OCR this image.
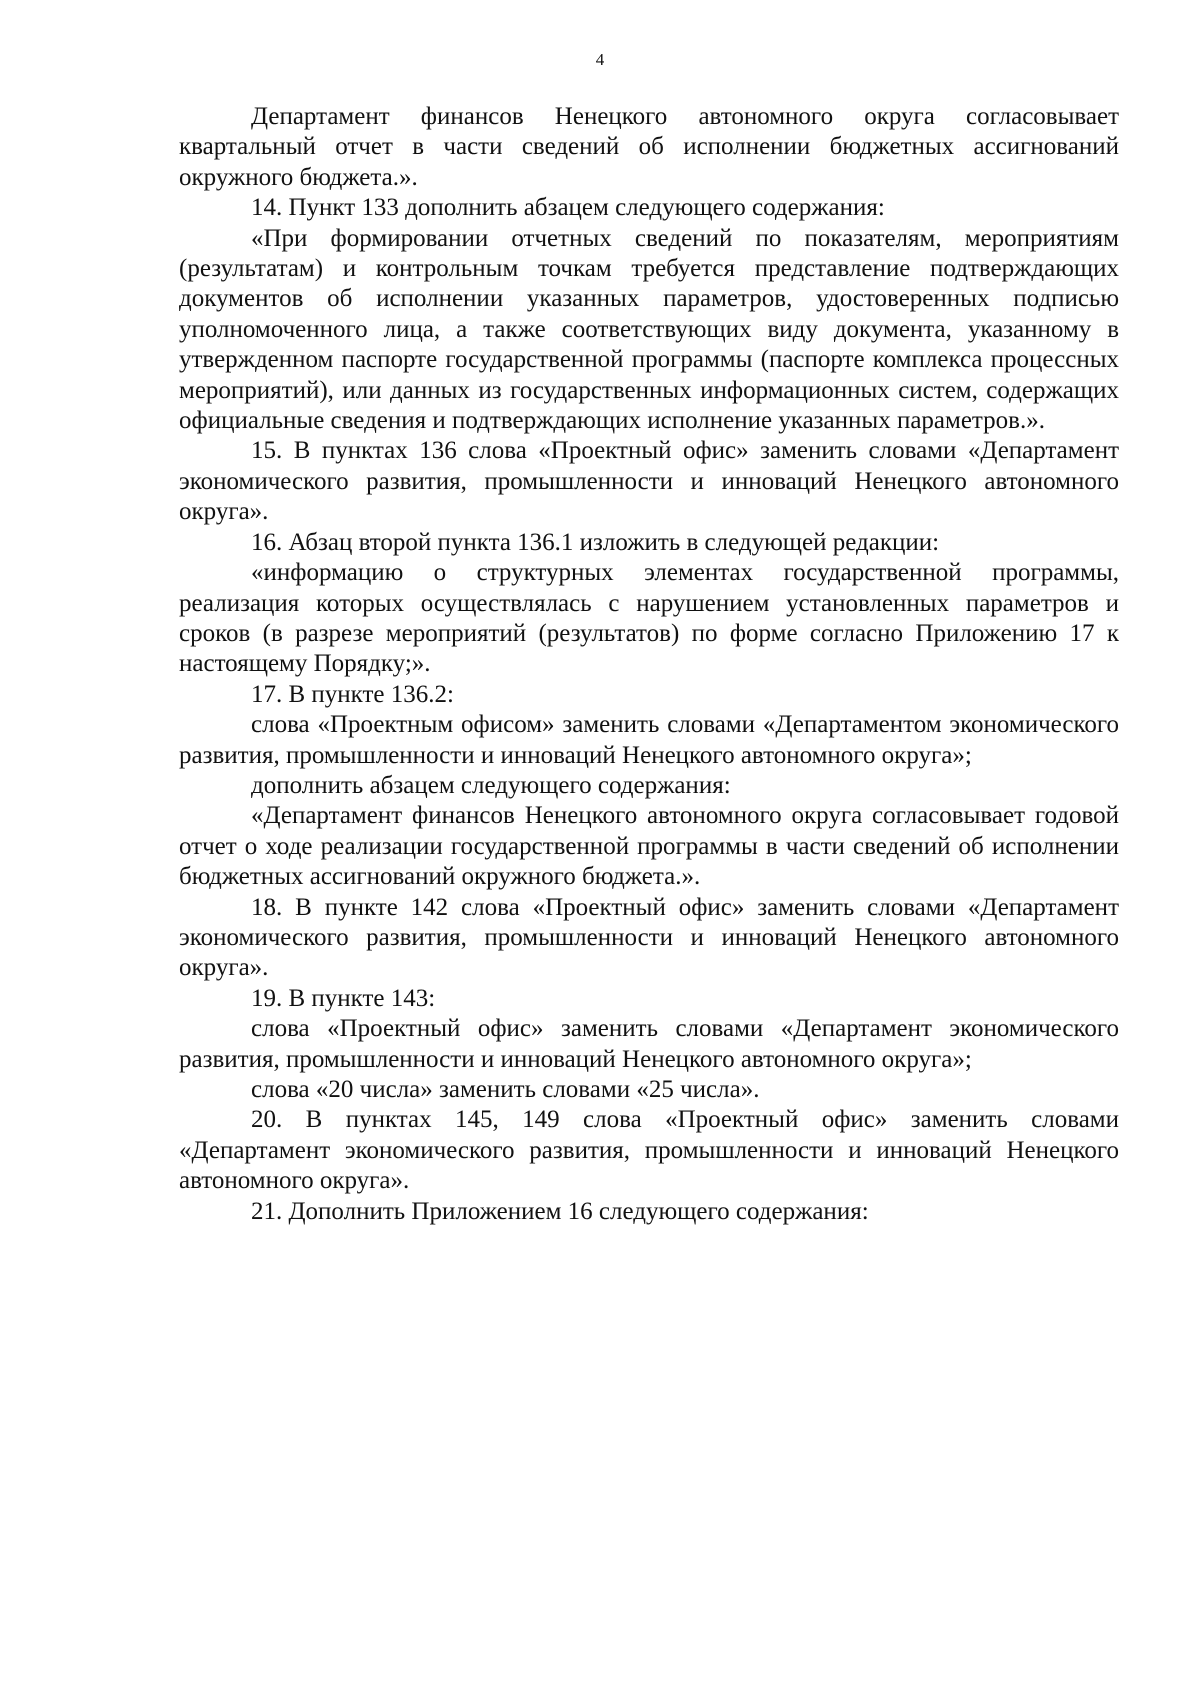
4

Департамент финансов Ненецкого автономного округа согласовывает квартальный отчет в части сведений об исполнении бюджетных ассигнований окружного бюджета.».

14. Пункт 133 дополнить абзацем следующего содержания:

«При формировании отчетных сведений по показателям, мероприятиям (результатам) и контрольным точкам требуется представление подтверждающих документов об исполнении указанных параметров, удостоверенных подписью уполномоченного лица, а также соответствующих виду документа, указанному в утвержденном паспорте государственной программы (паспорте комплекса процессных мероприятий), или данных из государственных информационных систем, содержащих официальные сведения и подтверждающих исполнение указанных параметров.».

15. В пунктах 136 слова «Проектный офис» заменить словами «Департамент экономического развития, промышленности и инноваций Ненецкого автономного округа».

16. Абзац второй пункта 136.1 изложить в следующей редакции:

«информацию о структурных элементах государственной программы, реализация которых осуществлялась с нарушением установленных параметров и сроков (в разрезе мероприятий (результатов) по форме согласно Приложению 17 к настоящему Порядку;».

17. В пункте 136.2:

слова «Проектным офисом» заменить словами «Департаментом экономического развития, промышленности и инноваций Ненецкого автономного округа»;

дополнить абзацем следующего содержания:

«Департамент финансов Ненецкого автономного округа согласовывает годовой отчет о ходе реализации государственной программы в части сведений об исполнении бюджетных ассигнований окружного бюджета.».

18. В пункте 142 слова «Проектный офис» заменить словами «Департамент экономического развития, промышленности и инноваций Ненецкого автономного округа».

19. В пункте 143:

слова «Проектный офис» заменить словами «Департамент экономического развития, промышленности и инноваций Ненецкого автономного округа»;

слова «20 числа» заменить словами «25 числа».

20. В пунктах 145, 149 слова «Проектный офис» заменить словами «Департамент экономического развития, промышленности и инноваций Ненецкого автономного округа».

21. Дополнить Приложением 16 следующего содержания:
